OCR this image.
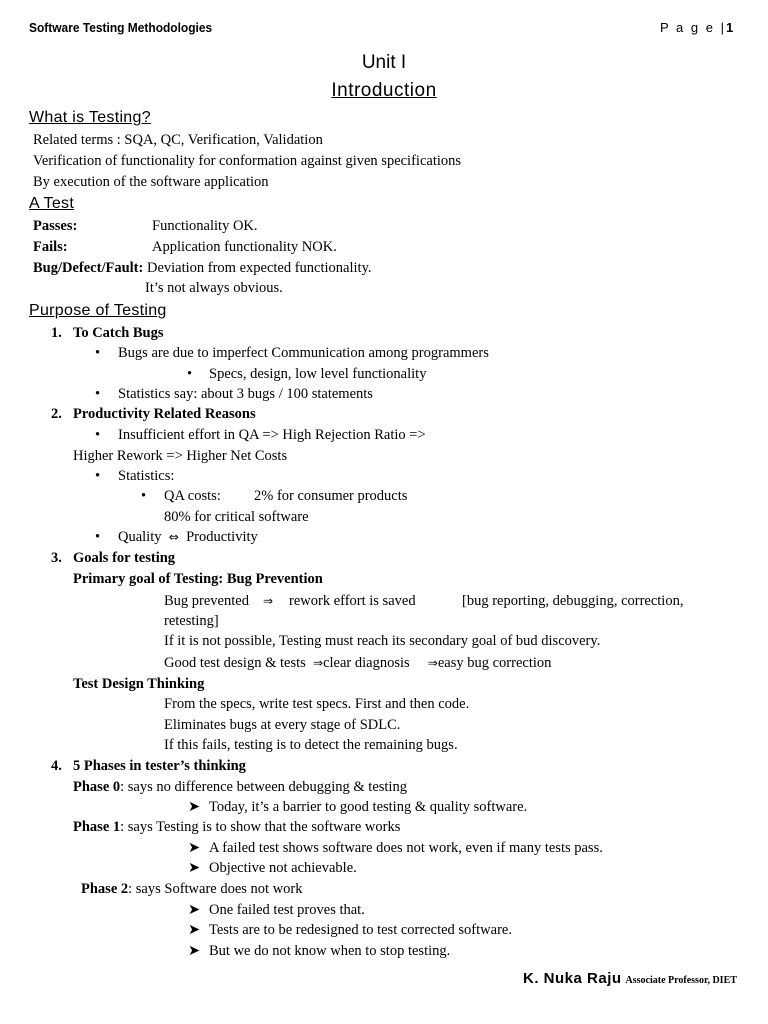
Software Testing Methodologies	P a g e |1
Unit I
Introduction
What is Testing?
Related terms : SQA, QC, Verification, Validation
Verification of functionality for conformation against given specifications
By execution of the software application
A Test
Passes:	Functionality OK.
Fails:	Application functionality NOK.
Bug/Defect/Fault: Deviation from expected functionality.
It’s not always obvious.
Purpose of Testing
1. To Catch Bugs
• Bugs are due to imperfect Communication among programmers
• Specs, design, low level functionality
• Statistics say: about 3 bugs / 100 statements
2. Productivity Related Reasons
• Insufficient effort in QA => High Rejection Ratio =>
Higher Rework => Higher Net Costs
• Statistics:
• QA costs: 2% for consumer products
80% for critical software
• Quality ⇔ Productivity
3. Goals for testing
Primary goal of Testing: Bug Prevention
Bug prevented ⇒ rework effort is saved	[bug reporting, debugging, correction,
retesting]
If it is not possible, Testing must reach its secondary goal of bud discovery.
Good test design & tests ⇒clear diagnosis ⇒easy bug correction
Test Design Thinking
From the specs, write test specs. First and then code.
Eliminates bugs at every stage of SDLC.
If this fails, testing is to detect the remaining bugs.
4. 5 Phases in tester’s thinking
Phase 0: says no difference between debugging & testing
➤ Today, it’s a barrier to good testing & quality software.
Phase 1: says Testing is to show that the software works
➤ A failed test shows software does not work, even if many tests pass.
➤ Objective not achievable.
Phase 2: says Software does not work
➤ One failed test proves that.
➤ Tests are to be redesigned to test corrected software.
➤ But we do not know when to stop testing.
K. Nuka Raju Associate Professor, DIET
